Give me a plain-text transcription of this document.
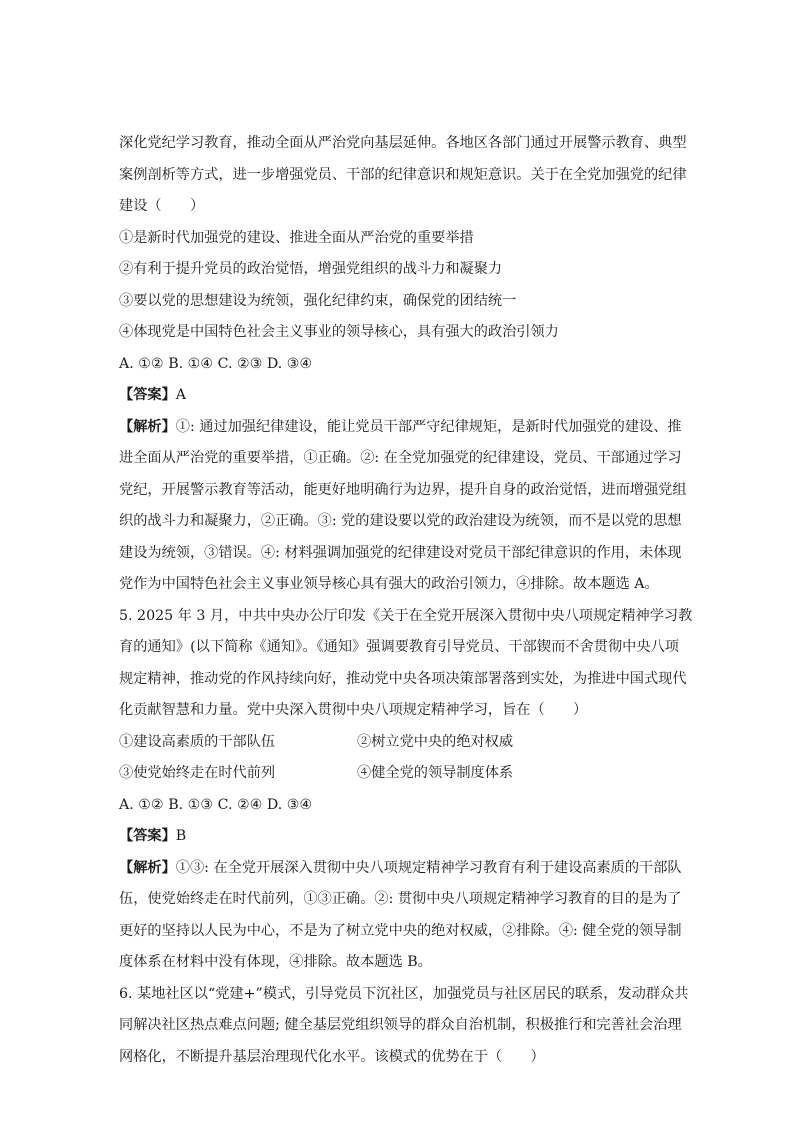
深化党纪学习教育，推动全面从严治党向基层延伸。各地区各部门通过开展警示教育、典型
案例剖析等方式，进一步增强党员、干部的纪律意识和规矩意识。关于在全党加强党的纪律
建设（　　）
①是新时代加强党的建设、推进全面从严治党的重要举措
②有利于提升党员的政治觉悟，增强党组织的战斗力和凝聚力
③要以党的思想建设为统领，强化纪律约束，确保党的团结统一
④体现党是中国特色社会主义事业的领导核心，具有强大的政治引领力
A. ①② B. ①④ C. ②③ D. ③④
【答案】A
【解析】①: 通过加强纪律建设，能让党员干部严守纪律规矩，是新时代加强党的建设、推
进全面从严治党的重要举措，①正确。②: 在全党加强党的纪律建设，党员、干部通过学习
党纪，开展警示教育等活动，能更好地明确行为边界，提升自身的政治觉悟，进而增强党组
织的战斗力和凝聚力，②正确。③: 党的建设要以党的政治建设为统领，而不是以党的思想
建设为统领，③错误。④: 材料强调加强党的纪律建设对党员干部纪律意识的作用，未体现
党作为中国特色社会主义事业领导核心具有强大的政治引领力，④排除。故本题选 A。
5. 2025 年 3 月，中共中央办公厅印发《关于在全党开展深入贯彻中央八项规定精神学习教
育的通知》(以下简称《通知》。《通知》强调要教育引导党员、干部锲而不舍贯彻中央八项
规定精神，推动党的作风持续向好，推动党中央各项决策部署落到实处，为推进中国式现代
化贡献智慧和力量。党中央深入贯彻中央八项规定精神学习，旨在（　　）
①建设高素质的干部队伍	②树立党中央的绝对权威
③使党始终走在时代前列	④健全党的领导制度体系
A. ①② B. ①③ C. ②④ D. ③④
【答案】B
【解析】①③: 在全党开展深入贯彻中央八项规定精神学习教育有利于建设高素质的干部队
伍，使党始终走在时代前列，①③正确。②: 贯彻中央八项规定精神学习教育的目的是为了
更好的坚持以人民为中心，不是为了树立党中央的绝对权威，②排除。④: 健全党的领导制
度体系在材料中没有体现，④排除。故本题选 B。
6. 某地社区以“党建+”模式，引导党员下沉社区，加强党员与社区居民的联系，发动群众共
同解决社区热点难点问题; 健全基层党组织领导的群众自治机制，积极推行和完善社会治理
网格化，不断提升基层治理现代化水平。该模式的优势在于（　　）
